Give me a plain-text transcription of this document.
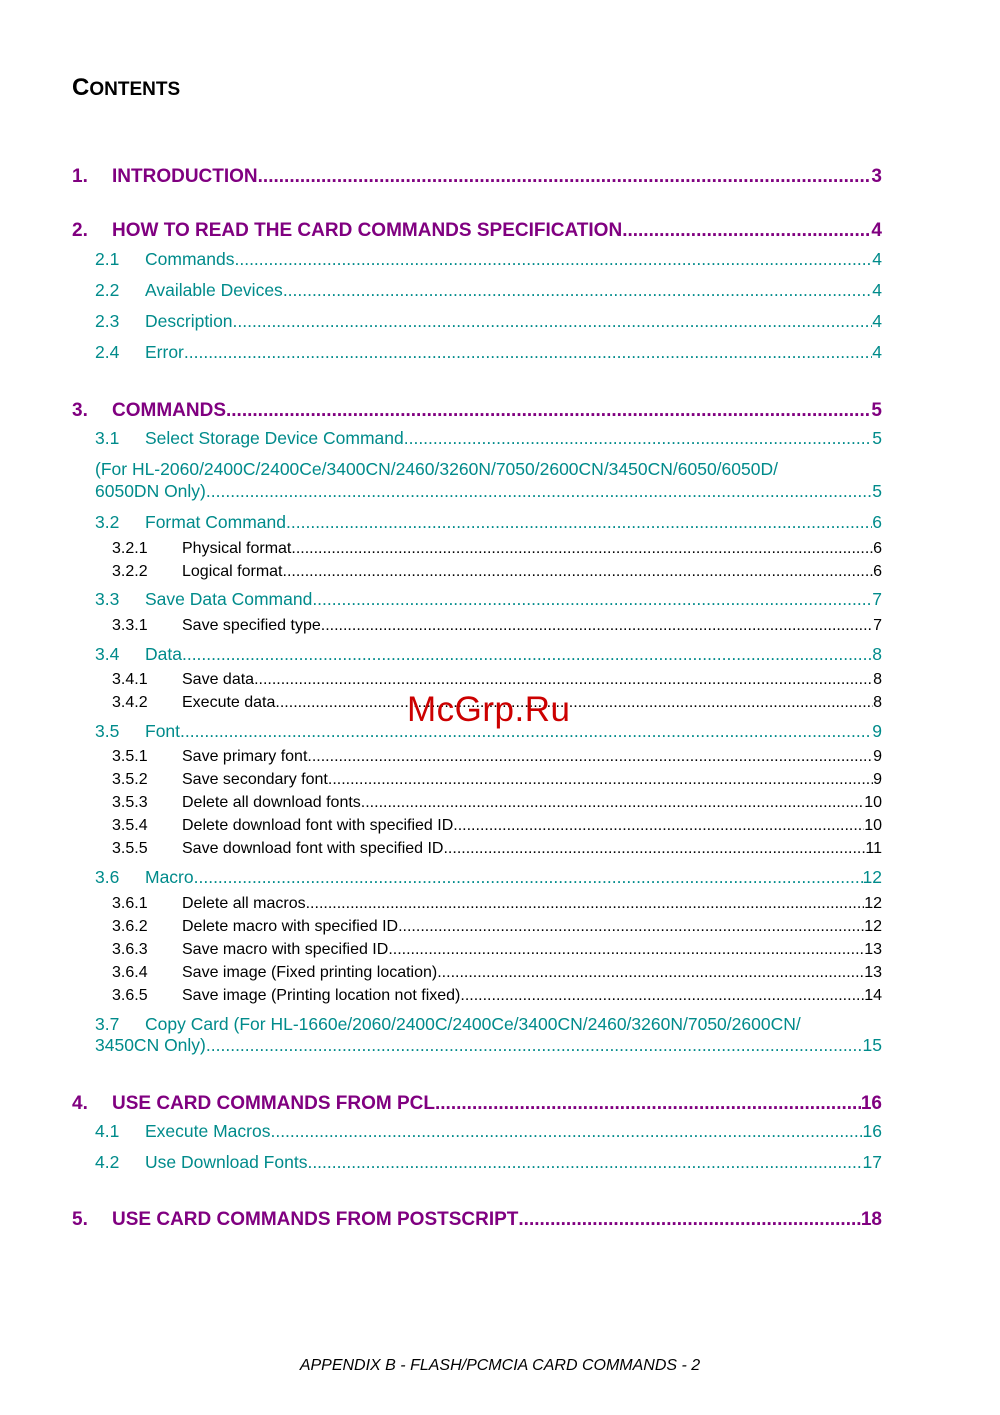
CONTENTS
1.	INTRODUCTION .....	3
2.	HOW TO READ THE CARD COMMANDS SPECIFICATION .....	4
2.1	Commands .....	4
2.2	Available Devices .....	4
2.3	Description .....	4
2.4	Error .....	4
3.	COMMANDS .....	5
3.1	Select Storage Device Command .....	5
(For HL-2060/2400C/2400Ce/3400CN/2460/3260N/7050/2600CN/3450CN/6050/6050D/
6050DN Only) .....	5
3.2	Format Command .....	6
3.2.1	Physical format .....	6
3.2.2	Logical format .....	6
3.3	Save Data Command .....	7
3.3.1	Save specified type .....	7
3.4	Data .....	8
3.4.1	Save data .....	8
3.4.2	Execute data .....	8
3.5	Font .....	9
3.5.1	Save primary font .....	9
3.5.2	Save secondary font .....	9
3.5.3	Delete all download fonts .....	10
3.5.4	Delete download font with specified ID .....	10
3.5.5	Save download font with specified ID .....	11
3.6	Macro .....	12
3.6.1	Delete all macros .....	12
3.6.2	Delete macro with specified ID .....	12
3.6.3	Save macro with specified ID .....	13
3.6.4	Save image (Fixed printing location) .....	13
3.6.5	Save image (Printing location not fixed) .....	14
3.7 Copy Card (For HL-1660e/2060/2400C/2400Ce/3400CN/2460/3260N/7050/2600CN/
3450CN Only) .....	15
4.	USE CARD COMMANDS FROM PCL .....	16
4.1	Execute Macros .....	16
4.2	Use Download Fonts .....	17
5.	USE CARD COMMANDS FROM POSTSCRIPT .....	18
McGrp.Ru
APPENDIX B - FLASH/PCMCIA CARD COMMANDS - 2
